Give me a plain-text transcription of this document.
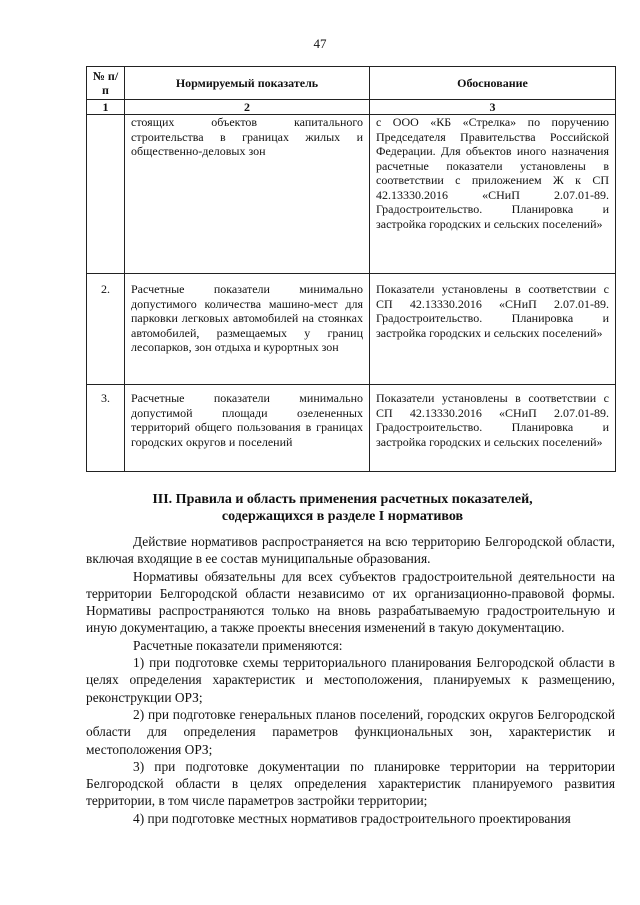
47
№ п/п	Нормируемый показатель	Обоснование
1	2	3
	стоящих объектов капитального строительства в границах жилых и общественно-деловых зон	с ООО «КБ «Стрелка» по поручению Председателя Правительства Российской Федерации. Для объектов иного назначения расчетные показатели установлены в соответствии с приложением Ж к СП 42.13330.2016 «СНиП 2.07.01-89. Градостроительство. Планировка и застройка городских и сельских поселений»
2.	Расчетные показатели минимально допустимого количества машино-мест для парковки легковых автомобилей на стоянках автомобилей, размещаемых у границ лесопарков, зон отдыха и курортных зон	Показатели установлены в соответствии с СП 42.13330.2016 «СНиП 2.07.01-89. Градостроительство. Планировка и застройка городских и сельских поселений»
3.	Расчетные показатели минимально допустимой площади озелененных территорий общего пользования в границах городских округов и поселений	Показатели установлены в соответствии с СП 42.13330.2016 «СНиП 2.07.01-89. Градостроительство. Планировка и застройка городских и сельских поселений»
III. Правила и область применения расчетных показателей, содержащихся в разделе I нормативов

Действие нормативов распространяется на всю территорию Белгородской области, включая входящие в ее состав муниципальные образования.

Нормативы обязательны для всех субъектов градостроительной деятельности на территории Белгородской области независимо от их организационно-правовой формы. Нормативы распространяются только на вновь разрабатываемую градостроительную и иную документацию, а также проекты внесения изменений в такую документацию.

Расчетные показатели применяются:

1) при подготовке схемы территориального планирования Белгородской области в целях определения характеристик и местоположения, планируемых к размещению, реконструкции ОРЗ;

2) при подготовке генеральных планов поселений, городских округов Белгородской области для определения параметров функциональных зон, характеристик и местоположения ОРЗ;

3) при подготовке документации по планировке территории на территории Белгородской области в целях определения характеристик планируемого развития территории, в том числе параметров застройки территории;

4) при подготовке местных нормативов градостроительного проектирования
